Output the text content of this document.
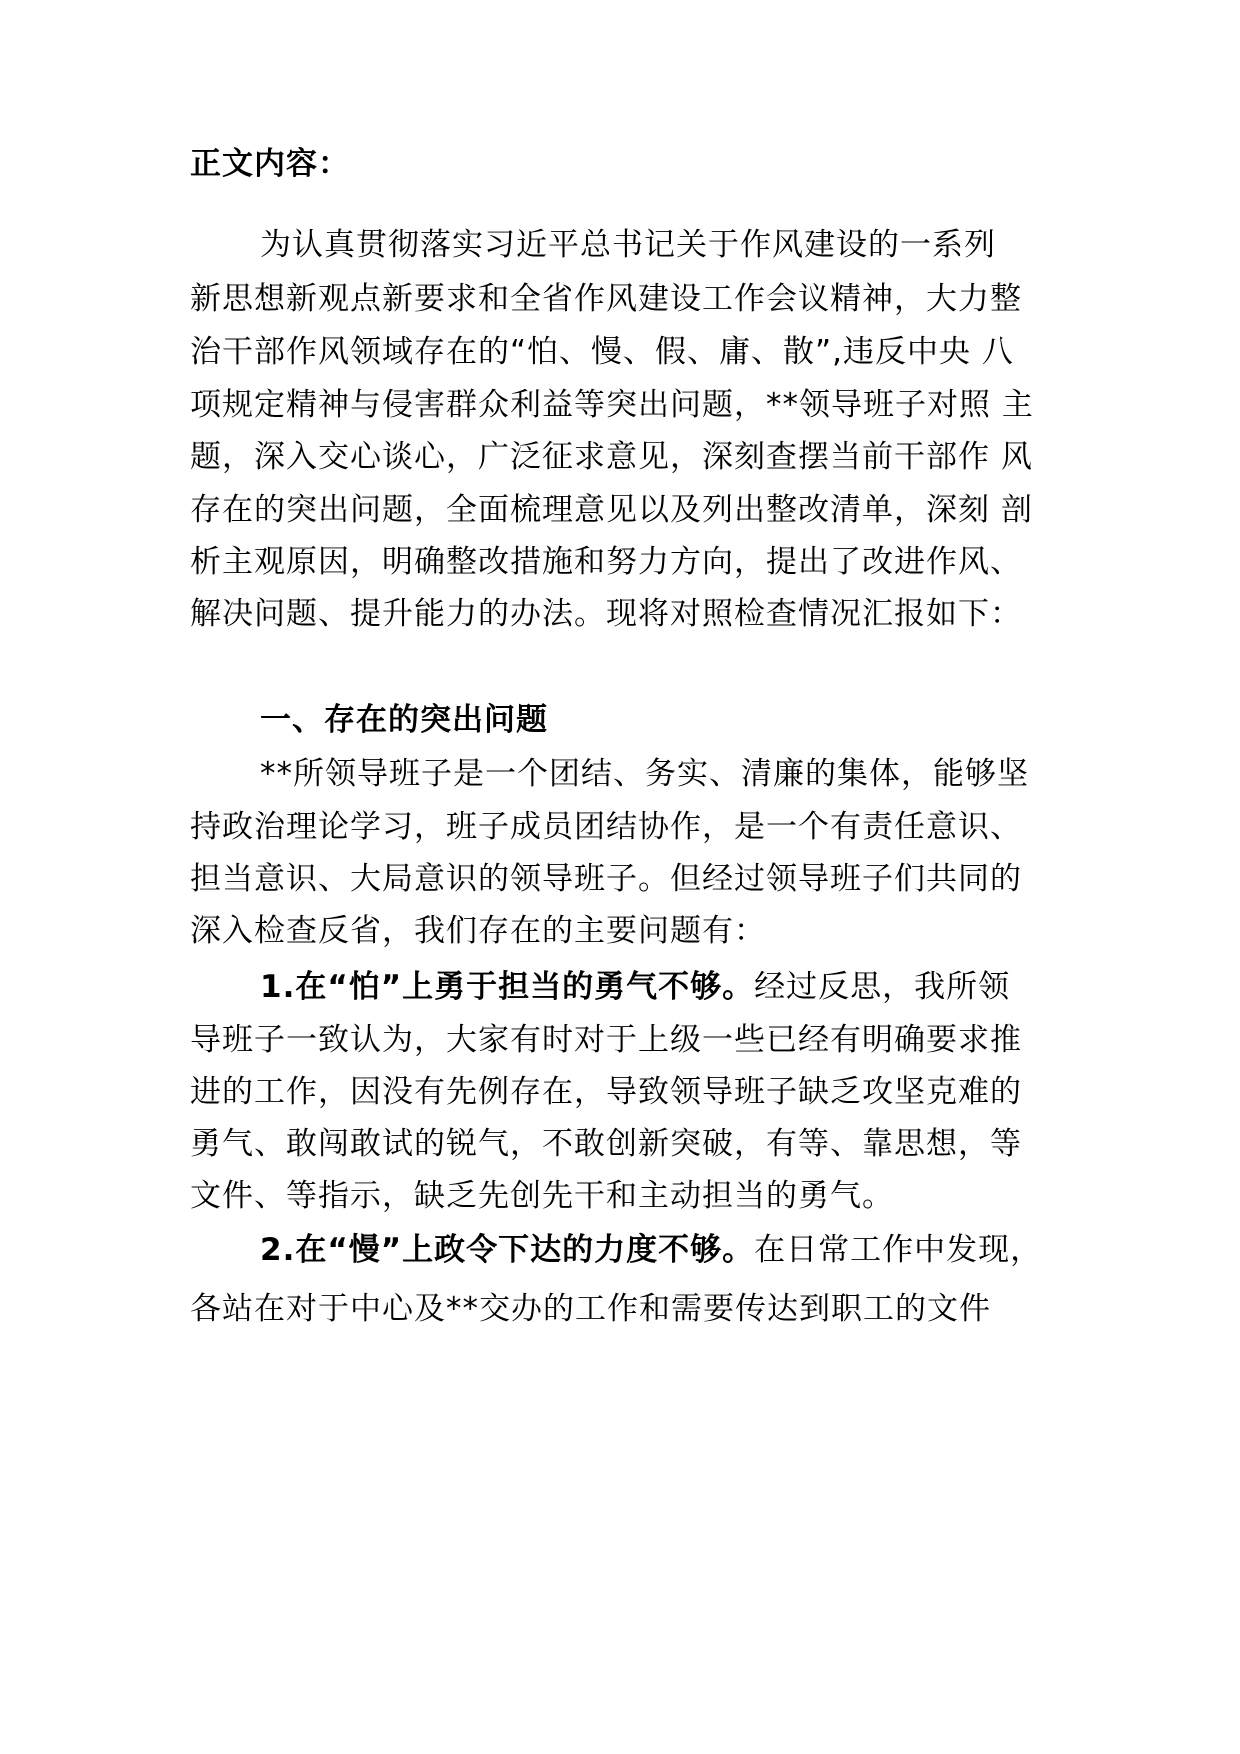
正文内容：
为认真贯彻落实习近平总书记关于作风建设的一系列
新思想新观点新要求和全省作风建设工作会议精神，大力整
治干部作风领域存在的“怕、慢、假、庸、散”,违反中央 八
项规定精神与侵害群众利益等突出问题，**领导班子对照 主
题，深入交心谈心，广泛征求意见，深刻查摆当前干部作 风
存在的突出问题，全面梳理意见以及列出整改清单，深刻 剖
析主观原因，明确整改措施和努力方向，提出了改进作风、
解决问题、提升能力的办法。现将对照检查情况汇报如下：
一、存在的突出问题
**所领导班子是一个团结、务实、清廉的集体，能够坚
持政治理论学习，班子成员团结协作，是一个有责任意识、
担当意识、大局意识的领导班子。但经过领导班子们共同的
深入检查反省，我们存在的主要问题有：
1.在“怕”上勇于担当的勇气不够。经过反思，我所领
导班子一致认为，大家有时对于上级一些已经有明确要求推
进的工作，因没有先例存在，导致领导班子缺乏攻坚克难的
勇气、敢闯敢试的锐气，不敢创新突破，有等、靠思想，等
文件、等指示，缺乏先创先干和主动担当的勇气。
2.在“慢”上政令下达的力度不够。在日常工作中发现，
各站在对于中心及**交办的工作和需要传达到职工的文件
